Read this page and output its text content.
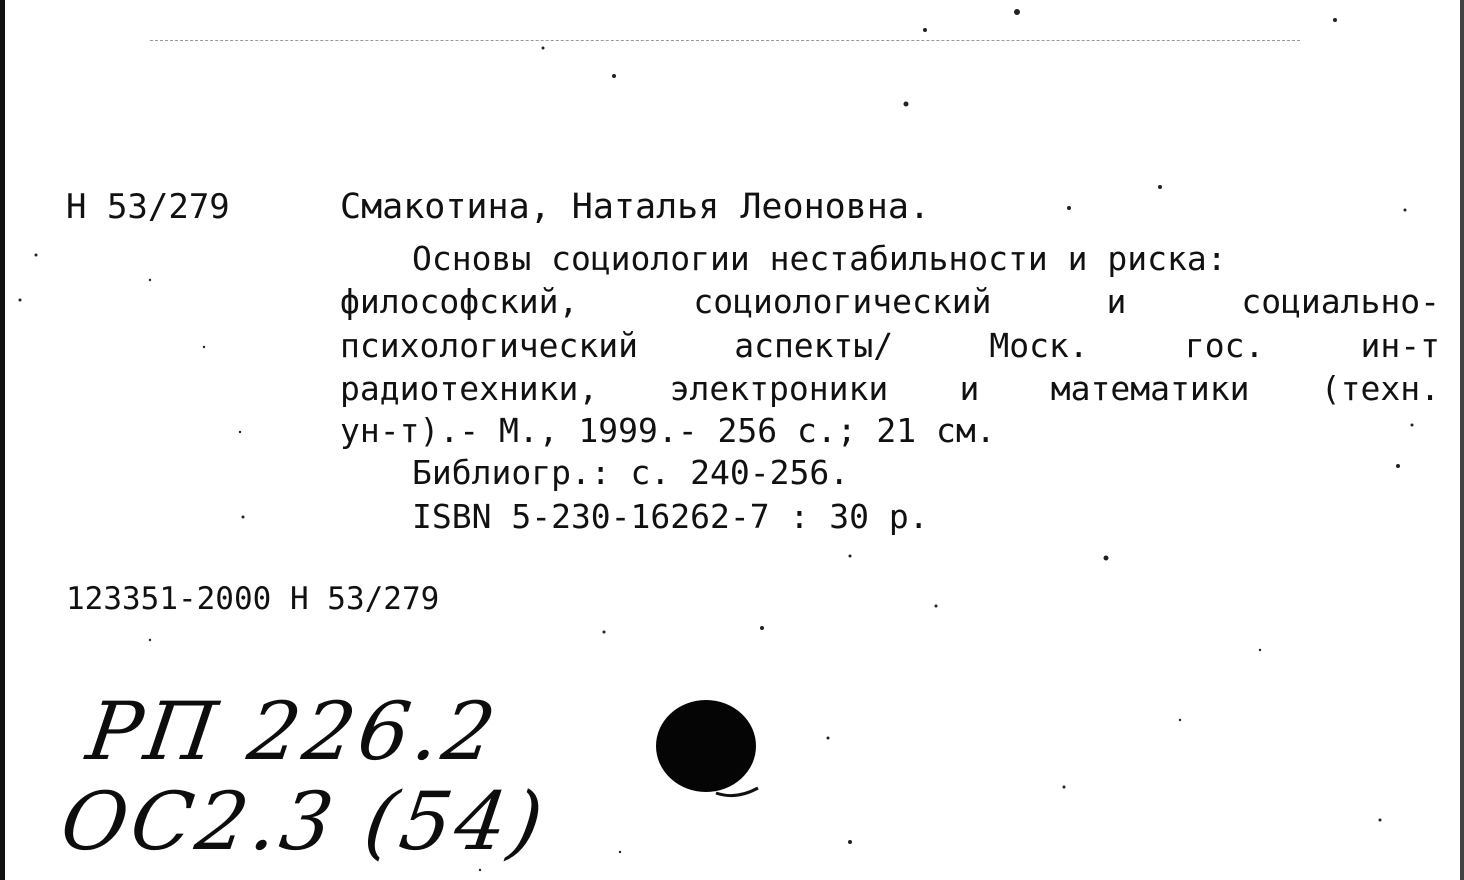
Н 53/279	Смакотина, Наталья Леоновна.
Основы социологии нестабильности и риска:
философский, социологический и социально-
психологический аспекты/ Моск. гос. ин-т
радиотехники, электроники и математики (техн.
ун-т).- М., 1999.- 256 с.; 21 см.
Библиогр.: с. 240-256.
ISBN 5-230-16262-7 : 30 р.
123351-2000 Н 53/279
РП 226.2
ОС2.3 (54)
